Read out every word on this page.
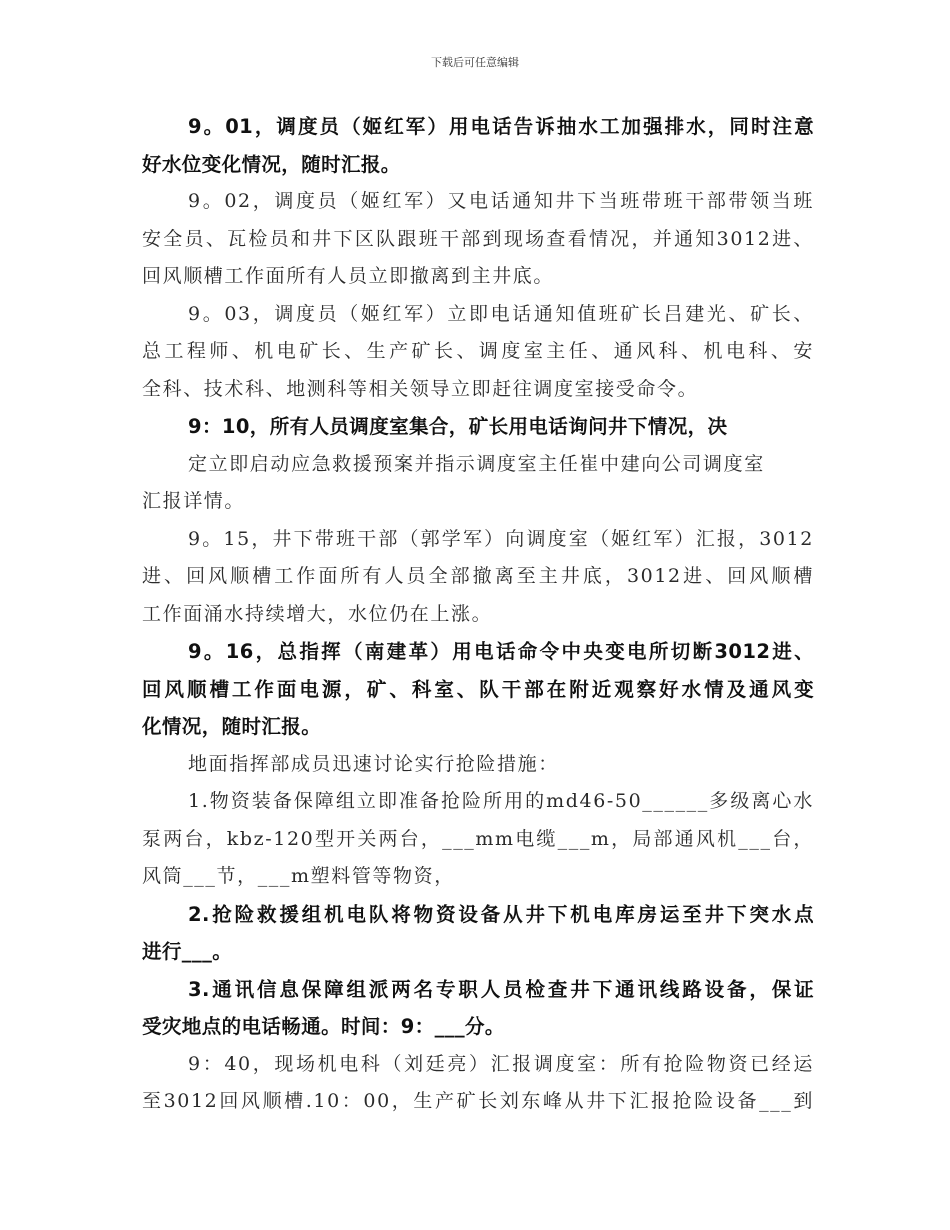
下载后可任意编辑
9。01，调度员（姬红军）用电话告诉抽水工加强排水，同时注意
好水位变化情况，随时汇报。
9。02，调度员（姬红军）又电话通知井下当班带班干部带领当班
安全员、瓦检员和井下区队跟班干部到现场查看情况，并通知3012进、
回风顺槽工作面所有人员立即撤离到主井底。
9。03，调度员（姬红军）立即电话通知值班矿长吕建光、矿长、
总工程师、机电矿长、生产矿长、调度室主任、通风科、机电科、安
全科、技术科、地测科等相关领导立即赶往调度室接受命令。
9：10，所有人员调度室集合，矿长用电话询问井下情况，决
定立即启动应急救援预案并指示调度室主任崔中建向公司调度室
汇报详情。
9。15，井下带班干部（郭学军）向调度室（姬红军）汇报，3012
进、回风顺槽工作面所有人员全部撤离至主井底，3012进、回风顺槽
工作面涌水持续增大，水位仍在上涨。
9。16，总指挥（南建革）用电话命令中央变电所切断3012进、
回风顺槽工作面电源，矿、科室、队干部在附近观察好水情及通风变
化情况，随时汇报。
地面指挥部成员迅速讨论实行抢险措施：
1.物资装备保障组立即准备抢险所用的md46-50______多级离心水
泵两台，kbz-120型开关两台，___mm电缆___m，局部通风机___台，
风筒___节，___m塑料管等物资，
2.抢险救援组机电队将物资设备从井下机电库房运至井下突水点
进行___。
3.通讯信息保障组派两名专职人员检查井下通讯线路设备，保证
受灾地点的电话畅通。时间：9：___分。
9：40，现场机电科（刘廷亮）汇报调度室：所有抢险物资已经运
至3012回风顺槽.10：00，生产矿长刘东峰从井下汇报抢险设备___到
